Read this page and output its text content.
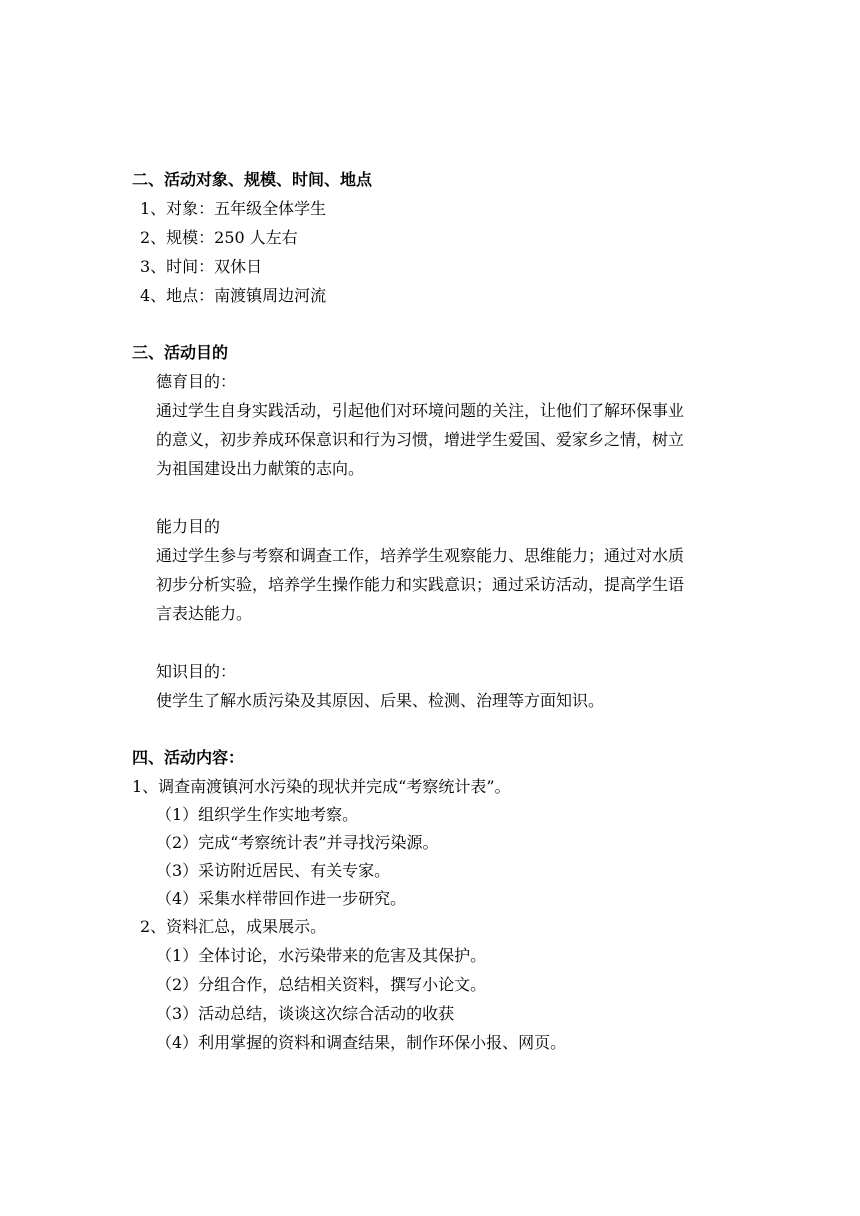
二、活动对象、规模、时间、地点
1、对象：五年级全体学生
2、规模：250 人左右
3、时间：双休日
4、地点：南渡镇周边河流
三、活动目的
德育目的：
通过学生自身实践活动，引起他们对环境问题的关注，让他们了解环保事业
的意义，初步养成环保意识和行为习惯，增进学生爱国、爱家乡之情，树立
为祖国建设出力献策的志向。
能力目的
通过学生参与考察和调查工作，培养学生观察能力、思维能力；通过对水质
初步分析实验，培养学生操作能力和实践意识；通过采访活动，提高学生语
言表达能力。
知识目的：
使学生了解水质污染及其原因、后果、检测、治理等方面知识。
四、活动内容：
1、调查南渡镇河水污染的现状并完成“考察统计表”。
（1）组织学生作实地考察。
（2）完成“考察统计表”并寻找污染源。
（3）采访附近居民、有关专家。
（4）采集水样带回作进一步研究。
2、资料汇总，成果展示。
（1）全体讨论，水污染带来的危害及其保护。
（2）分组合作，总结相关资料，撰写小论文。
（3）活动总结，谈谈这次综合活动的收获
（4）利用掌握的资料和调查结果，制作环保小报、网页。
